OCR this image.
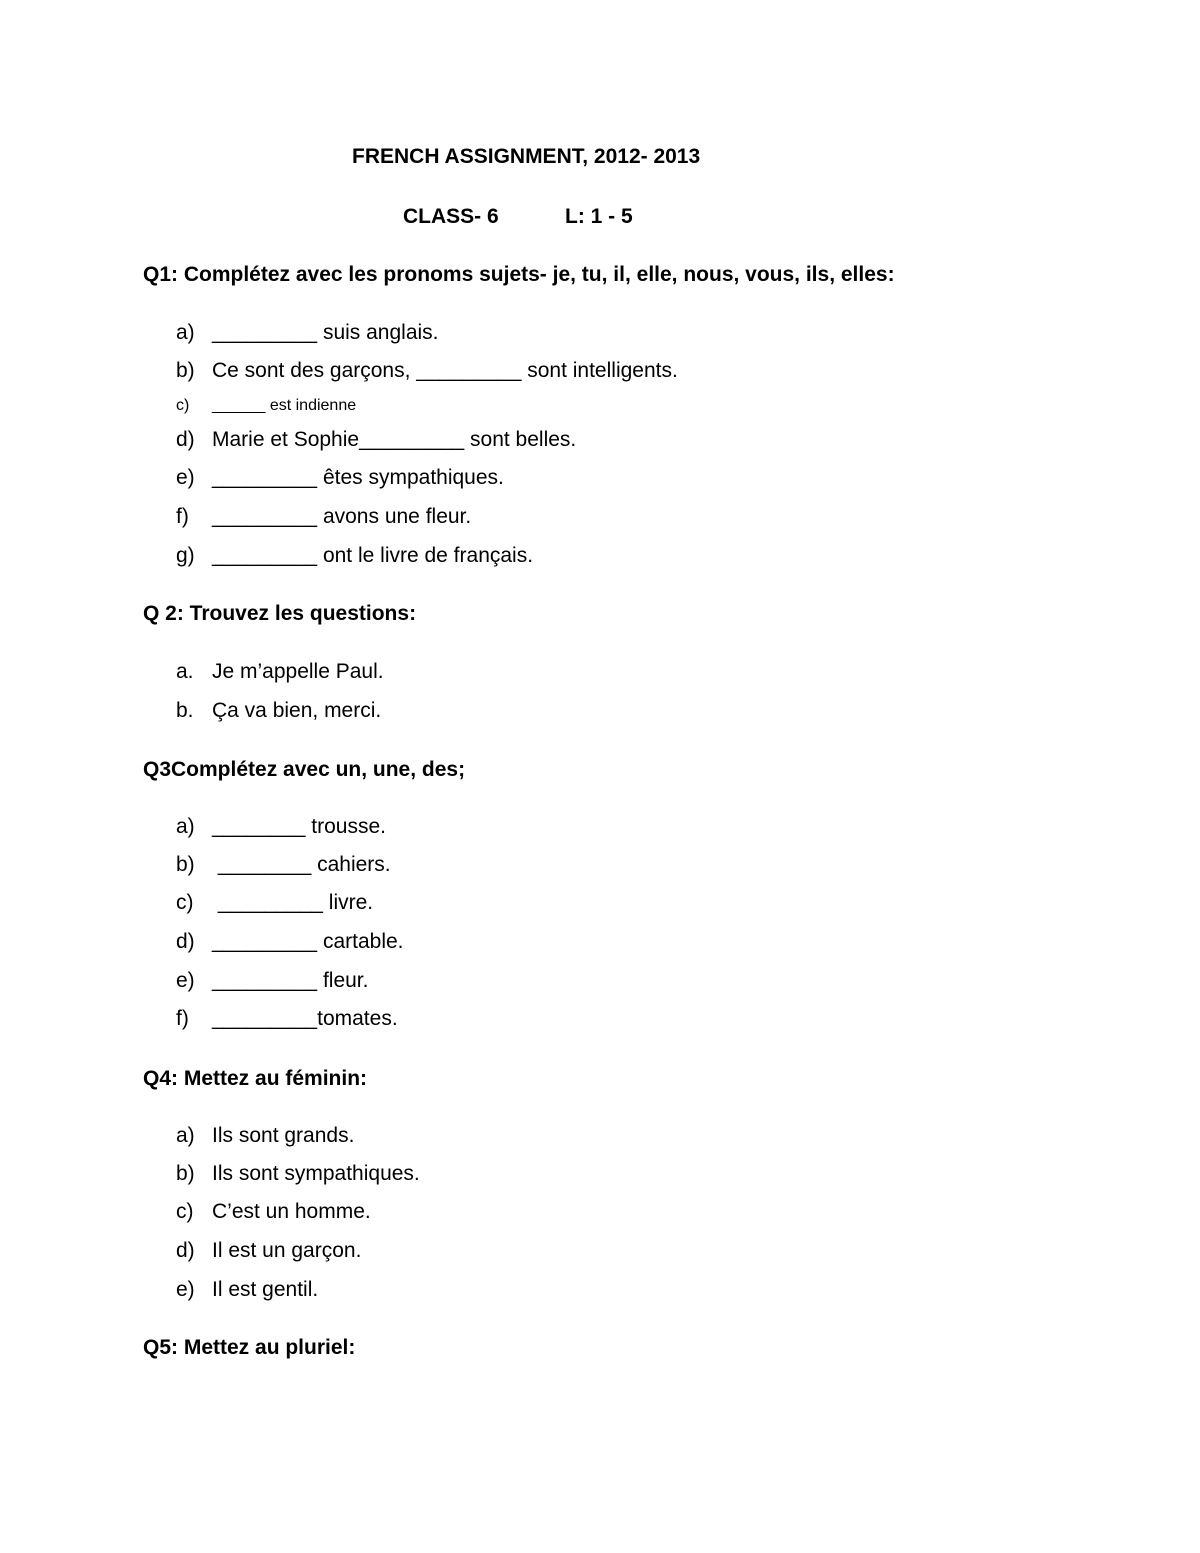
FRENCH ASSIGNMENT, 2012- 2013
CLASS- 6	L: 1 - 5
Q1: Complétez avec les pronoms sujets- je, tu, il, elle, nous, vous, ils, elles:
a) _________ suis anglais.
b) Ce sont des garçons, _________ sont intelligents.
c) ______ est indienne
d) Marie et Sophie_________ sont belles.
e) _________ êtes sympathiques.
f) _________ avons une fleur.
g) _________ ont le livre de français.
Q 2: Trouvez les questions:
a. Je m’appelle Paul.
b. Ça va bien, merci.
Q3Complétez avec un, une, des;
a) ________ trousse.
b) ________ cahiers.
c) _________ livre.
d) _________ cartable.
e) _________ fleur.
f) _________tomates.
Q4: Mettez au féminin:
a) Ils sont grands.
b) Ils sont sympathiques.
c) C’est un homme.
d) Il est un garçon.
e) Il est gentil.
Q5: Mettez au pluriel:
